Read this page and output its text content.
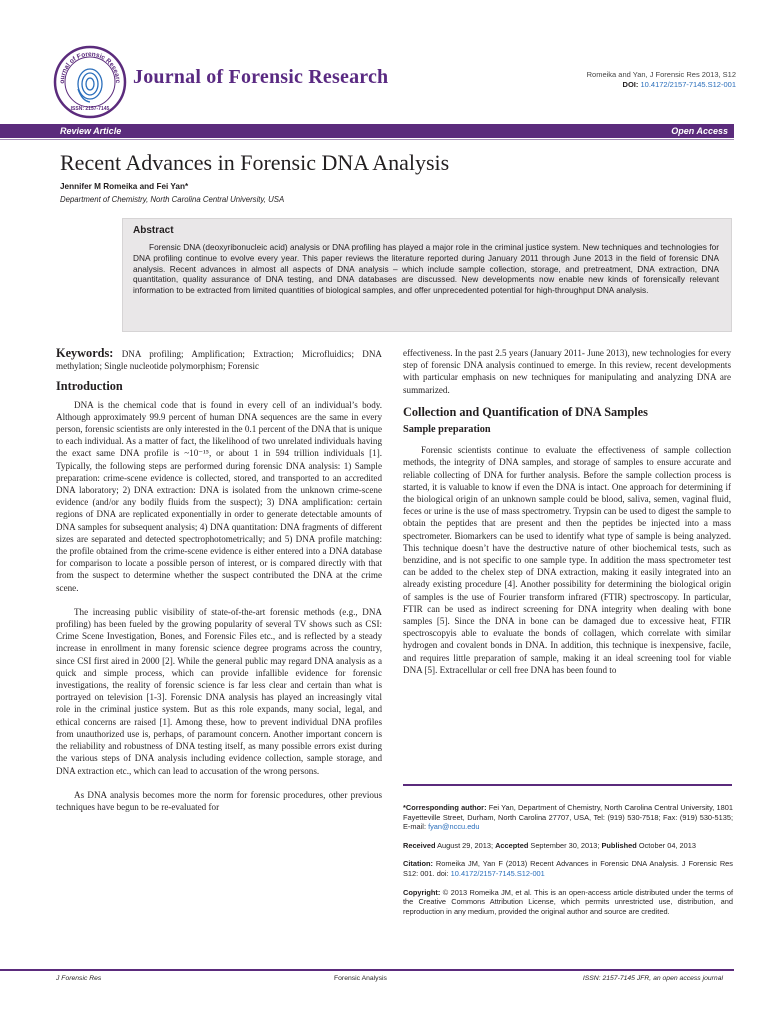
ournal of Forensic Researc
ISSN: 2157-7145
Journal of Forensic Research	Romeika and Yan, J Forensic Res 2013, S12
DOI: 10.4172/2157-7145.S12-001
Review Article	Open Access
Recent Advances in Forensic DNA Analysis
Jennifer M Romeika and Fei Yan*
Department of Chemistry, North Carolina Central University, USA
Abstract
Forensic DNA (deoxyribonucleic acid) analysis or DNA profiling has played a major role in the criminal justice system. New techniques and technologies for DNA profiling continue to evolve every year. This paper reviews the literature reported during January 2011 through June 2013 in the field of forensic DNA analysis. Recent advances in almost all aspects of DNA analysis – which include sample collection, storage, and pretreatment, DNA extraction, DNA quantitation, quality assurance of DNA testing, and DNA databases are discussed. New developments now enable new kinds of forensically relevant information to be extracted from limited quantities of biological samples, and offer unprecedented potential for high-throughput DNA analysis.

Keywords: DNA profiling; Amplification; Extraction; Microfluidics; DNA methylation; Single nucleotide polymorphism; Forensic

Introduction

DNA is the chemical code that is found in every cell of an individual’s body. Although approximately 99.9 percent of human DNA sequences are the same in every person, forensic scientists are only interested in the 0.1 percent of the DNA that is unique to each individual. As a matter of fact, the likelihood of two unrelated individuals having the exact same DNA profile is ~10⁻¹⁵, or about 1 in 594 trillion individuals [1]. Typically, the following steps are performed during forensic DNA analysis: 1) Sample preparation: crime-scene evidence is collected, stored, and transported to an accredited DNA laboratory; 2) DNA extraction: DNA is isolated from the unknown crime-scene evidence (and/or any bodily fluids from the suspect); 3) DNA amplification: certain regions of DNA are replicated exponentially in order to generate detectable amounts of DNA samples for subsequent analysis; 4) DNA quantitation: DNA fragments of different sizes are separated and detected spectrophotometrically; and 5) DNA profile matching: the profile obtained from the crime-scene evidence is either entered into a DNA database for comparison to locate a possible person of interest, or is compared directly with that from the suspect to determine whether the suspect contributed the DNA at the crime scene.

The increasing public visibility of state-of-the-art forensic methods (e.g., DNA profiling) has been fueled by the growing popularity of several TV shows such as CSI: Crime Scene Investigation, Bones, and Forensic Files etc., and is reflected by a steady increase in enrollment in many forensic science degree programs across the country, since CSI first aired in 2000 [2]. While the general public may regard DNA analysis as a quick and simple process, which can provide infallible evidence for forensic investigations, the reality of forensic science is far less clear and certain than what is portrayed on television [1-3]. Forensic DNA analysis has played an increasingly vital role in the criminal justice system. But as this role expands, many social, legal, and ethical concerns are raised [1]. Among these, how to prevent individual DNA profiles from unauthorized use is, perhaps, of paramount concern. Another important concern is the reliability and robustness of DNA testing itself, as many possible errors exist during the various steps of DNA analysis including evidence collection, sample storage, and DNA extraction etc., which can lead to accusation of the wrong persons.

As DNA analysis becomes more the norm for forensic procedures, other previous techniques have begun to be re-evaluated for

effectiveness. In the past 2.5 years (January 2011- June 2013), new technologies for every step of forensic DNA analysis continued to emerge. In this review, recent developments with particular emphasis on new techniques for manipulating and analyzing DNA are summarized.

Collection and Quantification of DNA Samples
Sample preparation

Forensic scientists continue to evaluate the effectiveness of sample collection methods, the integrity of DNA samples, and storage of samples to ensure accurate and reliable collecting of DNA for further analysis. Before the sample collection process is started, it is valuable to know if even the DNA is intact. One approach for determining if the biological origin of an unknown sample could be blood, saliva, semen, vaginal fluid, feces or urine is the use of mass spectrometry. Trypsin can be used to digest the sample to obtain the peptides that are present and then the peptides be injected into a mass spectrometer. Biomarkers can be used to identify what type of sample is being analyzed. This technique doesn’t have the destructive nature of other biochemical tests, such as benzidine, and is not specific to one sample type. In addition the mass spectrometer test can be added to the chelex step of DNA extraction, making it easily integrated into an already existing procedure [4]. Another possibility for determining the biological origin of samples is the use of Fourier transform infrared (FTIR) spectroscopy. In particular, FTIR can be used as indirect screening for DNA integrity when dealing with bone samples [5]. Since the DNA in bone can be damaged due to excessive heat, FTIR spectroscopyis able to evaluate the bonds of collagen, which correlate with similar hydrogen and covalent bonds in DNA. In addition, this technique is inexpensive, facile, and requires little preparation of sample, making it an ideal screening tool for viable DNA [5]. Extracellular or cell free DNA has been found to

*Corresponding author: Fei Yan, Department of Chemistry, North Carolina Central University, 1801 Fayetteville Street, Durham, North Carolina 27707, USA, Tel: (919) 530-7518; Fax: (919) 530-5135; E-mail: fyan@nccu.edu

Received August 29, 2013; Accepted September 30, 2013; Published October 04, 2013

Citation: Romeika JM, Yan F (2013) Recent Advances in Forensic DNA Analysis. J Forensic Res S12: 001. doi: 10.4172/2157-7145.S12-001

Copyright: © 2013 Romeika JM, et al. This is an open-access article distributed under the terms of the Creative Commons Attribution License, which permits unrestricted use, distribution, and reproduction in any medium, provided the original author and source are credited.

J Forensic Res	Forensic Analysis	ISSN: 2157-7145 JFR, an open access journal
